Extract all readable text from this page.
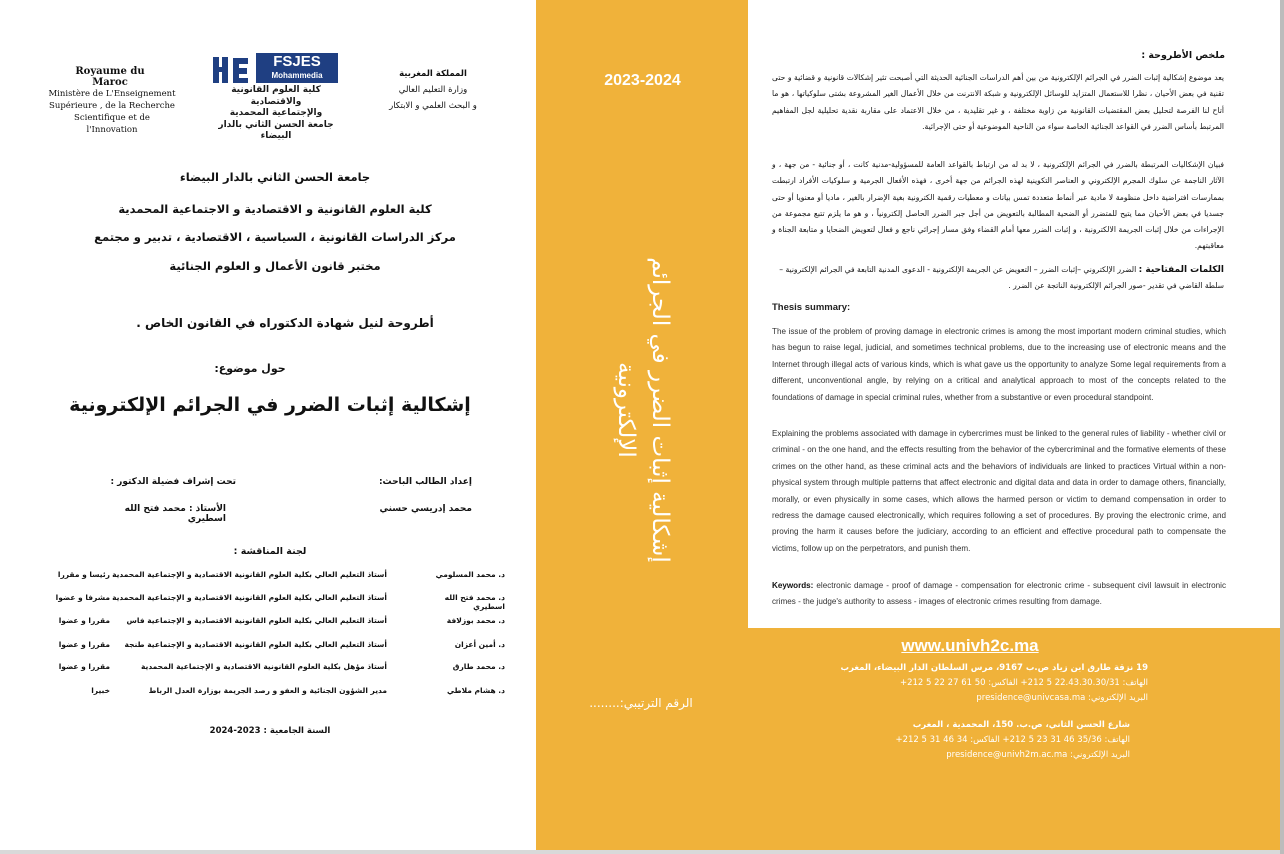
Royaume du Maroc
Ministère de L'Enseignement
Supérieure , de la Recherche
Scientifique et de l'Innovation
FSJES
Mohammedia
كلية العلوم القانونية والاقتصادية
والإجتماعية المحمدية
جامعة الحسن الثاني بالدار البيضاء
المملكة المغربية
وزارة التعليم العالي
و البحث العلمي و الابتكار
جامعة الحسن الثاني بالدار البيضاء
كلية العلوم القانونية و الاقتصادية و الاجتماعية المحمدية
مركز الدراسات القانونية ، السياسية ، الاقتصادية ، تدبير و مجتمع
مختبر قانون الأعمال و العلوم الجنائية
أطروحة لنيل شهادة الدكتوراه في القانون الخاص .
حول موضوع:
إشكالية إثبات الضرر في الجرائم الإلكترونية
إعداد الطالب الباحث:
محمد إدريسي حسني
تحت إشراف فضيلة الدكتور :
الأستاذ : محمد فتح الله اسطيري
لجنة المناقشة :
د. محمد المسلومي
أستاذ التعليم العالي بكلية العلوم القانونية الاقتصادية و الإجتماعية المحمدية
رئيسا و مقررا
د. محمد فتح الله اسطيري
أستاذ التعليم العالي بكلية العلوم القانونية الاقتصادية و الإجتماعية المحمدية
مشرفا و عضوا
د. محمد بوزلافة
أستاذ التعليم العالي بكلية العلوم القانونية الاقتصادية و الإجتماعية فاس
مقررا و عضوا
د. أمين أعزان
أستاذ التعليم العالي بكلية العلوم القانونية الاقتصادية و الإجتماعية طنجة
مقررا و عضوا
د. محمد طارق
أستاذ مؤهل بكلية العلوم القانونية الاقتصادية و الإجتماعية المحمدية
مقررا و عضوا
د. هشام ملاطي
مدير الشؤون الجنائية و العفو و رصد الجريمة بوزارة العدل الرباط
خبيرا
السنة الجامعية : 2023-2024
2023-2024
إشكالية إثبات الضرر في الجرائم
الإلكترونية
الرقم الترتيبي:........
ملخص الأطروحة :
يعد موضوع إشكالية إثبات الضرر في الجرائم الإلكترونية من بين أهم الدراسات الجنائية الحديثة التي أصبحت تثير إشكالات قانونية و قضائية و حتى تقنية في بعض الأحيان ، نظرا للاستعمال المتزايد للوسائل الإلكترونية و شبكة الانترنت من خلال الأعمال الغير المشروعة بشتى سلوكياتها ، هو ما أتاح لنا الفرصة لتحليل بعض المقتضيات القانونية من زاوية مختلفة ، و غير تقليدية ، من خلال الاعتماد على مقاربة نقدية تحليلية لجل المفاهيم المرتبط بأساس الضرر في القواعد الجنائية الخاصة سواء من الناحية الموضوعية أو حتى الإجرائية.
فبيان الإشكاليات المرتبطة بالضرر في الجرائم الإلكترونية ، لا بد له من ارتباط بالقواعد العامة للمسؤولية-مدنية كانت ، أو جنائية - من جهة ، و الآثار الناجمة عن سلوك المجرم الإلكتروني و العناصر التكوينية لهذه الجرائم من جهة أخرى ، فهذه الأفعال الجرمية و سلوكيات الأفراد ارتبطت بممارسات افتراضية داخل منظومة لا مادية عبر أنماط متعددة تمس بيانات و معطيات رقمية الكترونية بغية الإضرار بالغير ، ماديا أو معنويا أو حتى جسديا في بعض الأحيان مما يتيح للمتضرر أو الضحية المطالبة بالتعويض من أجل جبر الضرر الحاصل إلكترونياً ، و هو ما يلزم تتبع مجموعة من الإجراءات من خلال إثبات الجريمة الالكترونية ، و إثبات الضرر معها أمام القضاء وفق مسار إجرائي ناجع و فعال لتعويض الضحايا و متابعة الجناة و معاقبتهم.
الكلمات المفتاحية : الضرر الإلكتروني –إثبات الضرر – التعويض عن الجريمة الإلكترونية - الدعوى المدنية التابعة في الجرائم الإلكترونية –سلطة القاضي في تقدير -صور الجرائم الإلكترونية الناتجة عن الضرر .
Thesis summary:
The issue of the problem of proving damage in electronic crimes is among the most important modern criminal studies, which has begun to raise legal, judicial, and sometimes technical problems, due to the increasing use of electronic means and the Internet through illegal acts of various kinds, which is what gave us the opportunity to analyze Some legal requirements from a different, unconventional angle, by relying on a critical and analytical approach to most of the concepts related to the foundations of damage in special criminal rules, whether from a substantive or even procedural standpoint.
Explaining the problems associated with damage in cybercrimes must be linked to the general rules of liability - whether civil or criminal - on the one hand, and the effects resulting from the behavior of the cybercriminal and the formative elements of these crimes on the other hand, as these criminal acts and the behaviors of individuals are linked to practices Virtual within a non-physical system through multiple patterns that affect electronic and digital data and data in order to damage others, financially, morally, or even physically in some cases, which allows the harmed person or victim to demand compensation in order to redress the damage caused electronically, which requires following a set of procedures. By proving the electronic crime, and proving the harm it causes before the judiciary, according to an efficient and effective procedural path to compensate the victims, follow up on the perpetrators, and punish them.
Keywords: electronic damage - proof of damage - compensation for electronic crime - subsequent civil lawsuit in electronic crimes - the judge's authority to assess - images of electronic crimes resulting from damage.
www.univh2c.ma
19 نزقة طارق ابن زياد ص.ب 9167، مرس السلطان الدار البيضاء، المغرب
الهاتف: 22.43.30.30/31 5 212+ الفاكس: 50 61 27 22 5 212+
البريد الإلكتروني: presidence@univcasa.ma
شارع الحسن الثاني، ص.ب. 150، المحمدية ، المغرب
الهاتف: 35/36 46 31 23 5 212+ الفاكس: 34 46 31 5 212+
البريد الإلكتروني: presidence@univh2m.ac.ma
